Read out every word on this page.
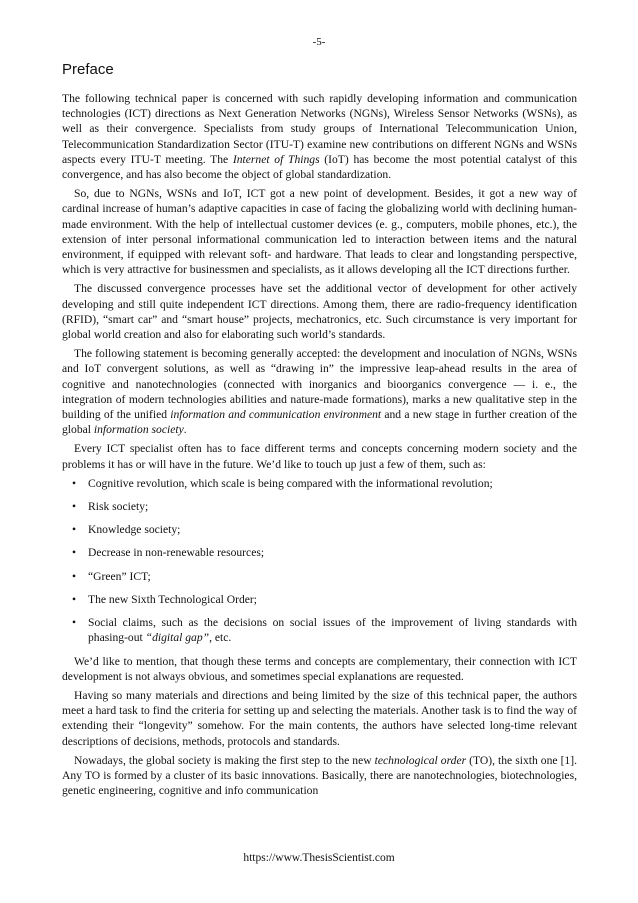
-5-
Preface

The following technical paper is concerned with such rapidly developing information and communication technologies (ICT) directions as Next Generation Networks (NGNs), Wireless Sensor Networks (WSNs), as well as their convergence. Specialists from study groups of International Telecommunication Union, Telecommunication Standardization Sector (ITU-T) examine new contributions on different NGNs and WSNs aspects every ITU-T meeting. The Internet of Things (IoT) has become the most potential catalyst of this convergence, and has also become the object of global standardization.

So, due to NGNs, WSNs and IoT, ICT got a new point of development. Besides, it got a new way of cardinal increase of human’s adaptive capacities in case of facing the globalizing world with declining human-made environment. With the help of intellectual customer devices (e. g., computers, mobile phones, etc.), the extension of inter personal informational communication led to interaction between items and the natural environment, if equipped with relevant soft- and hardware. That leads to clear and longstanding perspective, which is very attractive for businessmen and specialists, as it allows developing all the ICT directions further.

The discussed convergence processes have set the additional vector of development for other actively developing and still quite independent ICT directions. Among them, there are radio-frequency identification (RFID), “smart car” and “smart house” projects, mechatronics, etc. Such circumstance is very important for global world creation and also for elaborating such world’s standards.

The following statement is becoming generally accepted: the development and inoculation of NGNs, WSNs and IoT convergent solutions, as well as “drawing in” the impressive leap-ahead results in the area of cognitive and nanotechnologies (connected with inorganics and bioorganics convergence — i. e., the integration of modern technologies abilities and nature-made formations), marks a new qualitative step in the building of the unified information and communication environment and a new stage in further creation of the global information society.

Every ICT specialist often has to face different terms and concepts concerning modern society and the problems it has or will have in the future. We’d like to touch up just a few of them, such as:

• Cognitive revolution, which scale is being compared with the informational revolution;
• Risk society;
• Knowledge society;
• Decrease in non-renewable resources;
• “Green” ICT;
• The new Sixth Technological Order;
• Social claims, such as the decisions on social issues of the improvement of living standards with phasing-out “digital gap”, etc.

We’d like to mention, that though these terms and concepts are complementary, their connection with ICT development is not always obvious, and sometimes special explanations are requested.

Having so many materials and directions and being limited by the size of this technical paper, the authors meet a hard task to find the criteria for setting up and selecting the materials. Another task is to find the way of extending their “longevity” somehow. For the main contents, the authors have selected long-time relevant descriptions of decisions, methods, protocols and standards.

Nowadays, the global society is making the first step to the new technological order (TO), the sixth one [1]. Any TO is formed by a cluster of its basic innovations. Basically, there are nanotechnologies, biotechnologies, genetic engineering, cognitive and info communication

https://www.ThesisScientist.com
